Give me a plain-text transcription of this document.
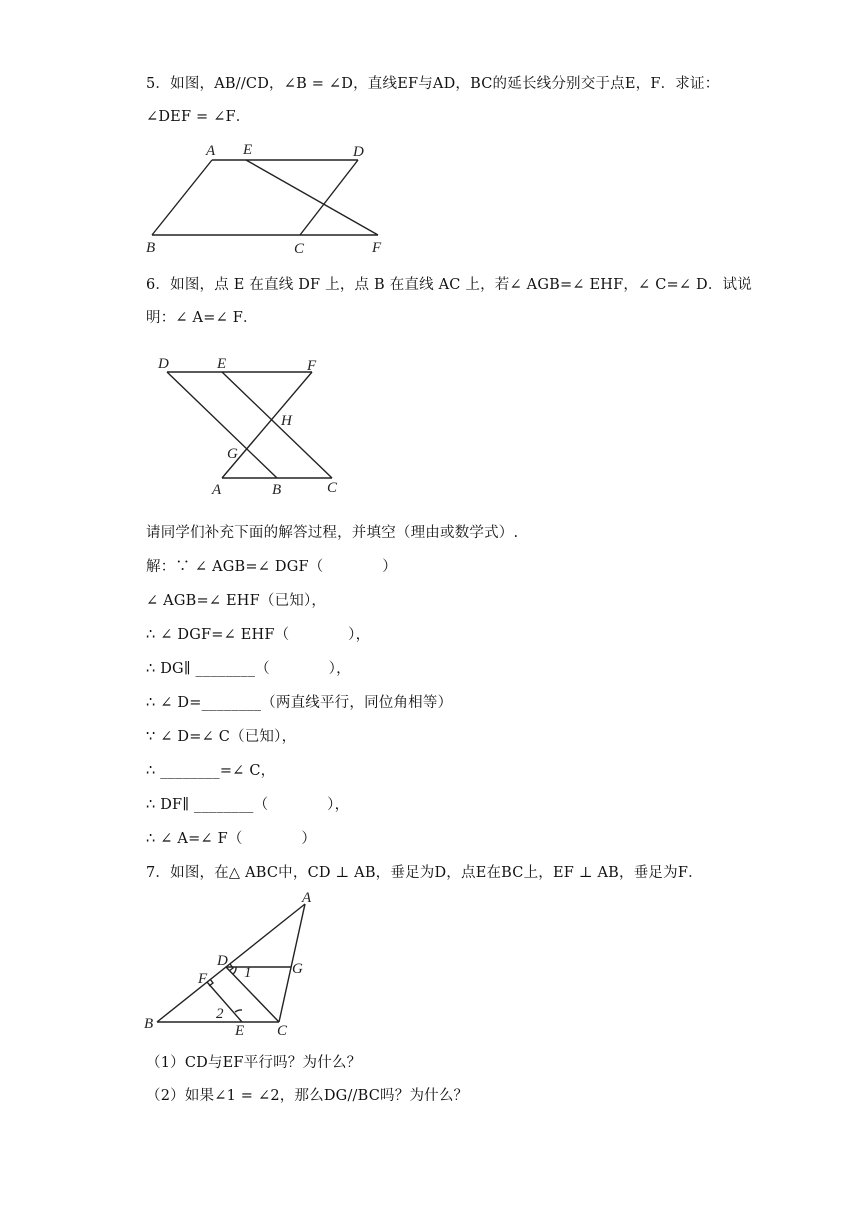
5．如图，AB//CD，∠B = ∠D，直线EF与AD，BC的延长线分别交于点E，F．求证：
∠DEF = ∠F．
A E	D
B	C	F
6．如图，点 E 在直线 DF 上，点 B 在直线 AC 上，若∠ AGB=∠ EHF，∠ C=∠ D．试说
明：∠ A=∠ F．
D	E	F
H
G
A	B	C
请同学们补充下面的解答过程，并填空（理由或数学式）.
解：∵ ∠ AGB=∠ DGF（　　　　）
∠ AGB=∠ EHF（已知），
∴ ∠ DGF=∠ EHF（　　　　），
∴ DG∥ ________（　　　　），
∴ ∠ D=________（两直线平行，同位角相等）
∵ ∠ D=∠ C（已知），
∴ ________=∠ C，
∴ DF∥ ________（　　　　），
∴ ∠ A=∠ F（　　　　）
7．如图，在△ ABC中，CD ⊥ AB，垂足为D，点E在BC上，EF ⊥ AB，垂足为F．
A
D	G
F 1
2
B	E C
（1）CD与EF平行吗？为什么？
（2）如果∠1 = ∠2，那么DG//BC吗？为什么？
